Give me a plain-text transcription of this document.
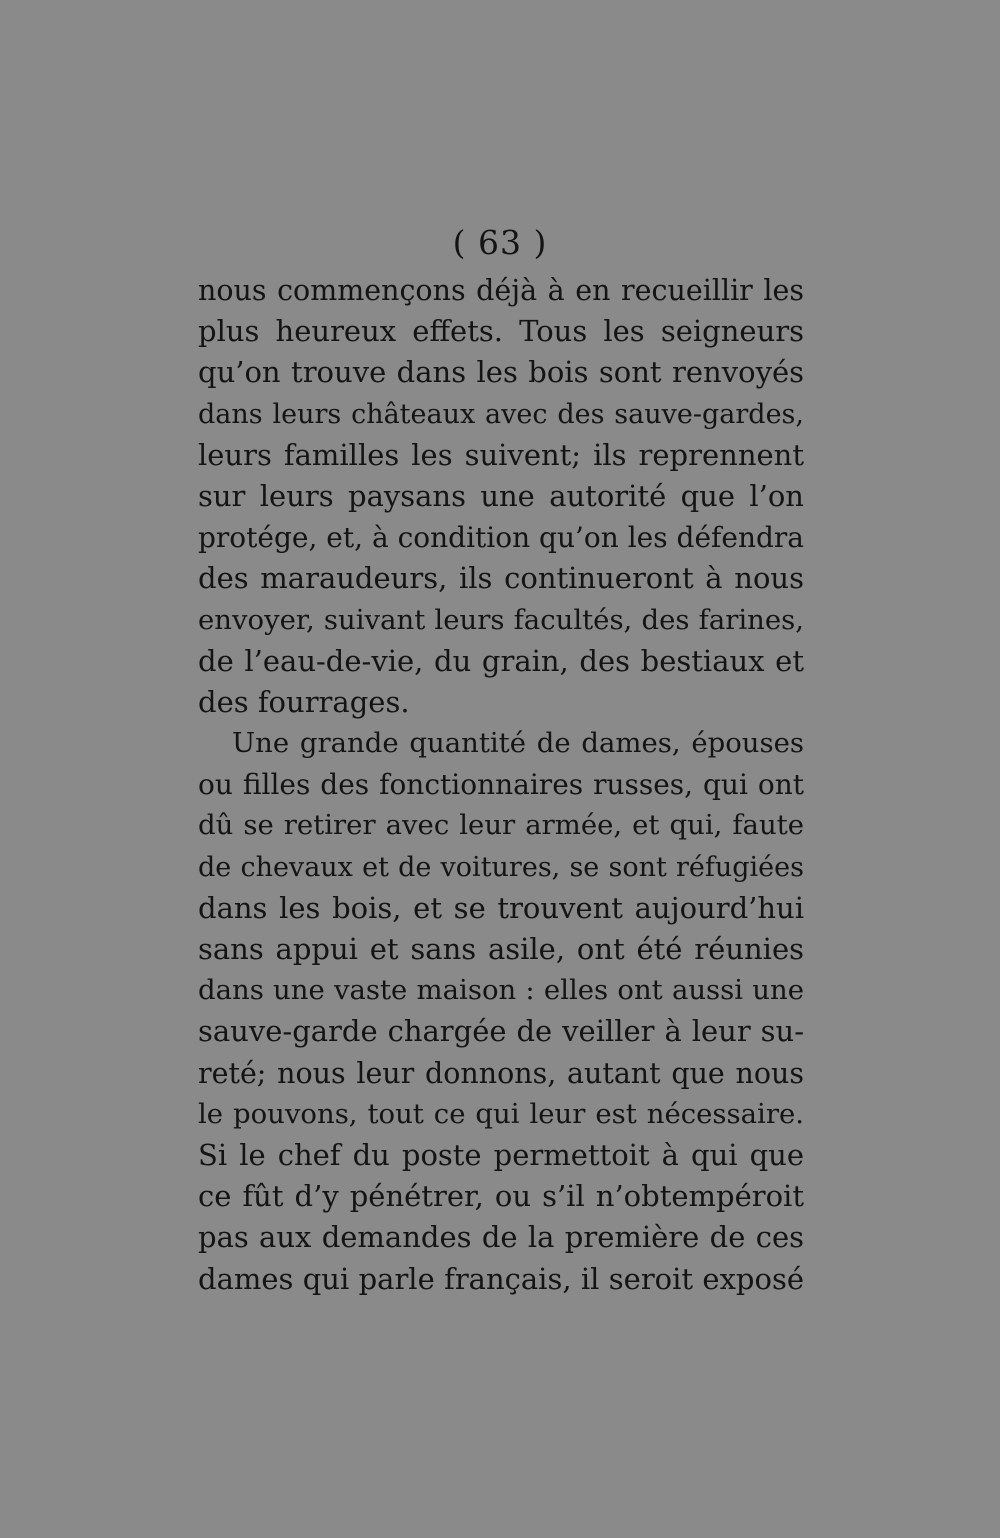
( 63 )
nous commençons déjà à en recueillir les
plus heureux effets. Tous les seigneurs
qu’on trouve dans les bois sont renvoyés
dans leurs châteaux avec des sauve-gardes,
leurs familles les suivent; ils reprennent
sur leurs paysans une autorité que l’on
protége, et, à condition qu’on les défendra
des maraudeurs, ils continueront à nous
envoyer, suivant leurs facultés, des farines,
de l’eau-de-vie, du grain, des bestiaux et
des fourrages.
Une grande quantité de dames, épouses
ou filles des fonctionnaires russes, qui ont
dû se retirer avec leur armée, et qui, faute
de chevaux et de voitures, se sont réfugiées
dans les bois, et se trouvent aujourd’hui
sans appui et sans asile, ont été réunies
dans une vaste maison : elles ont aussi une
sauve-garde chargée de veiller à leur su-
reté; nous leur donnons, autant que nous
le pouvons, tout ce qui leur est nécessaire.
Si le chef du poste permettoit à qui que
ce fût d’y pénétrer, ou s’il n’obtempéroit
pas aux demandes de la première de ces
dames qui parle français, il seroit exposé
